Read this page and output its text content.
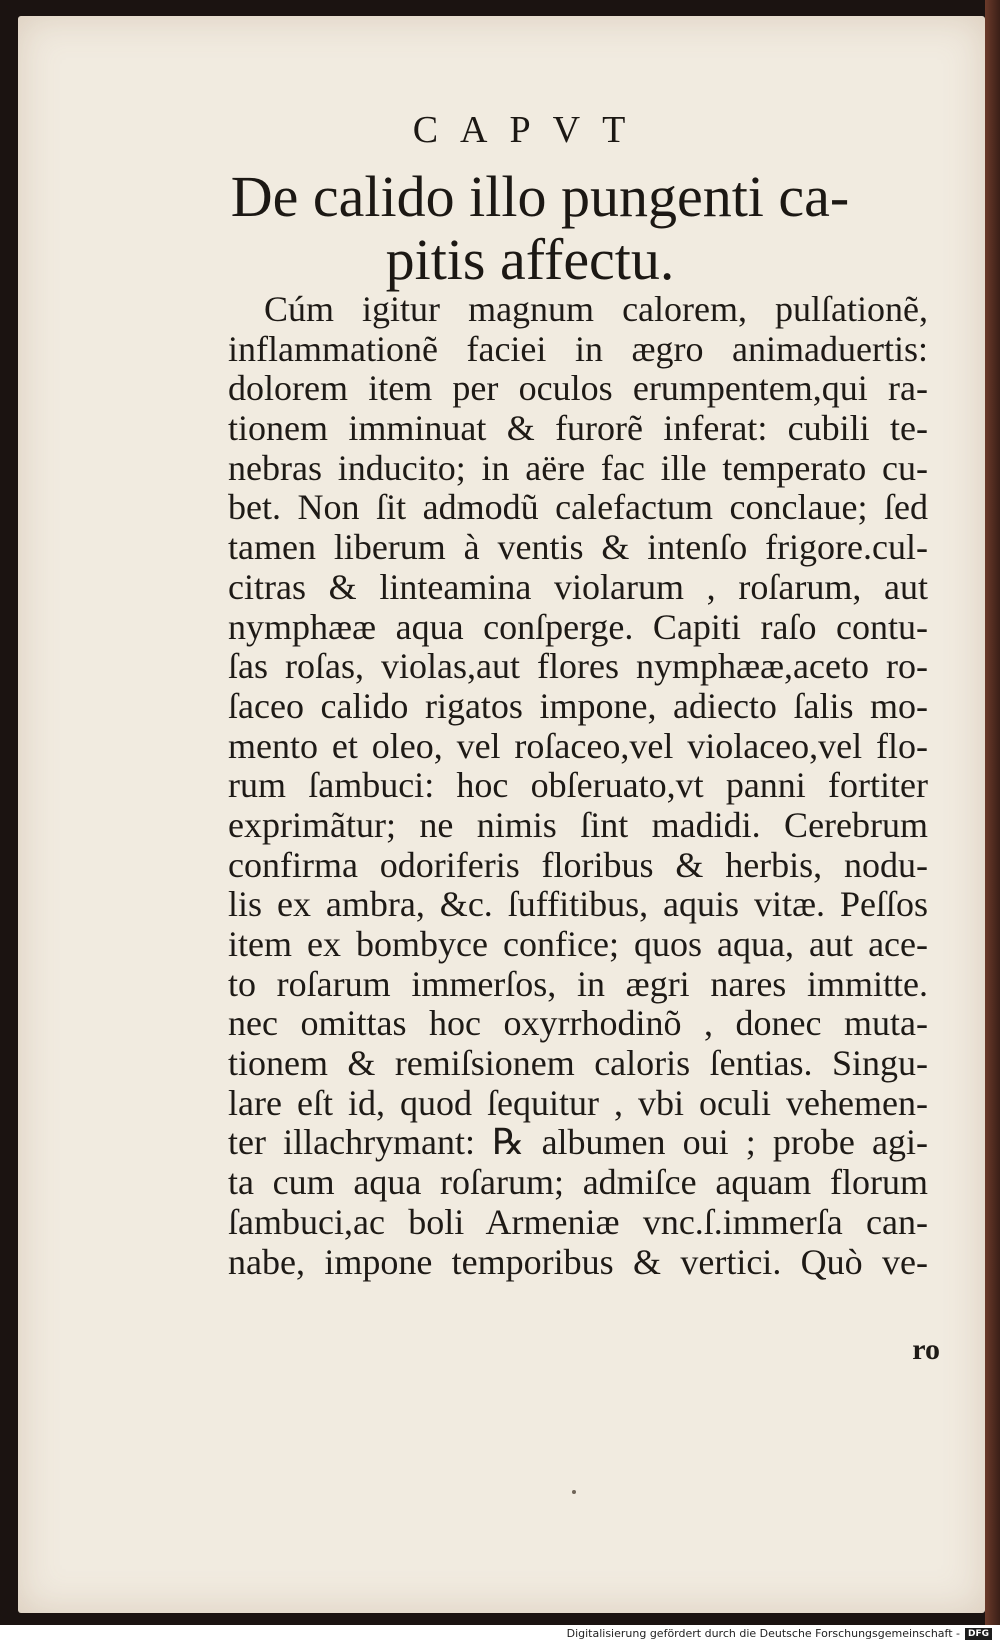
CAPVT
De calido illo pungenti ca-
pitis affectu.
Cúm igitur magnum calorem, pulſationẽ,
inflammationẽ faciei in ægro animaduertis:
dolorem item per oculos erumpentem,qui ra-
tionem imminuat & furorẽ inferat: cubili te-
nebras inducito; in aëre fac ille temperato cu-
bet. Non ſit admodũ calefactum conclaue; ſed
tamen liberum à ventis & intenſo frigore.cul-
citras & linteamina violarum , roſarum, aut
nymphææ aqua conſperge. Capiti raſo contu-
ſas roſas, violas,aut flores nymphææ,aceto ro-
ſaceo calido rigatos impone, adiecto ſalis mo-
mento et oleo, vel roſaceo,vel violaceo,vel flo-
rum ſambuci: hoc obſeruato,vt panni fortiter
exprimãtur; ne nimis ſint madidi. Cerebrum
confirma odoriferis floribus & herbis, nodu-
lis ex ambra, &c. ſuffitibus, aquis vitæ. Peſſos
item ex bombyce confice; quos aqua, aut ace-
to roſarum immerſos, in ægri nares immitte.
nec omittas hoc oxyrrhodinõ , donec muta-
tionem & remiſsionem caloris ſentias. Singu-
lare eſt id, quod ſequitur , vbi oculi vehemen-
ter illachrymant: ℞ albumen oui ; probe agi-
ta cum aqua roſarum; admiſce aquam florum
ſambuci,ac boli Armeniæ vnc.ſ.immerſa can-
nabe, impone temporibus & vertici. Quò ve-
ro
Digitalisierung gefördert durch die Deutsche Forschungsgemeinschaft - DFG
